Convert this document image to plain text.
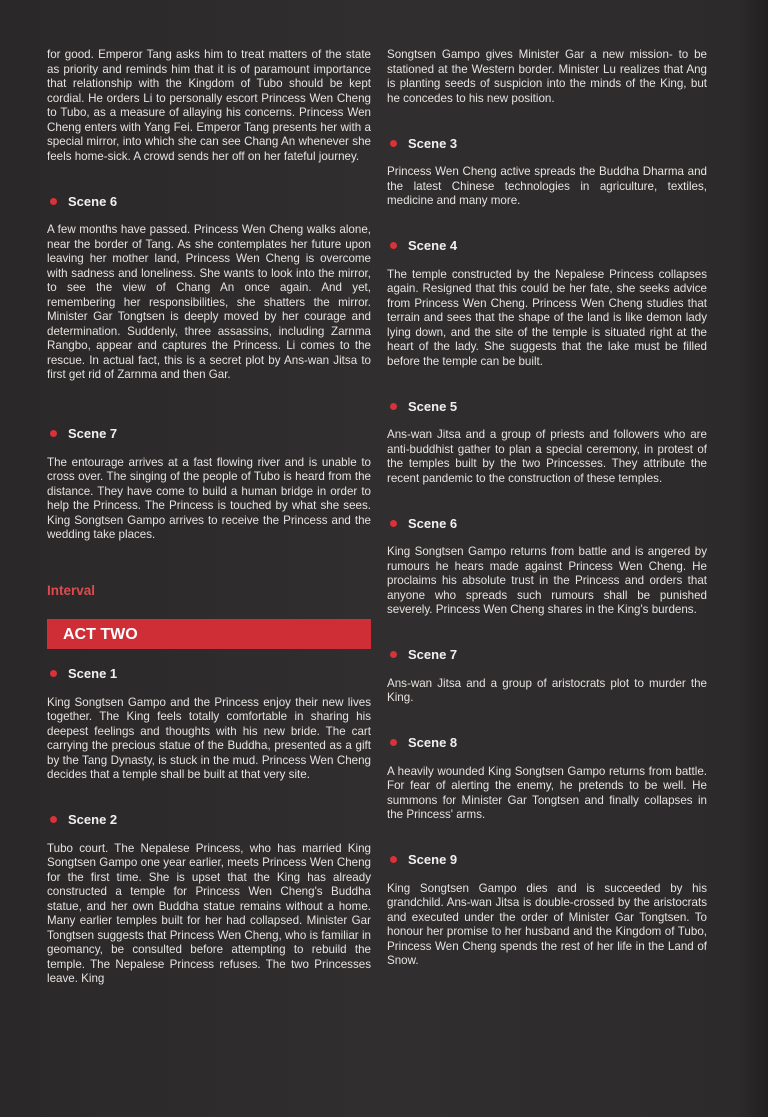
for good. Emperor Tang asks him to treat matters of the state as priority and reminds him that it is of paramount importance that relationship with the Kingdom of Tubo should be kept cordial. He orders Li to personally escort Princess Wen Cheng to Tubo, as a measure of allaying his concerns. Princess Wen Cheng enters with Yang Fei. Emperor Tang presents her with a special mirror, into which she can see Chang An whenever she feels home-sick. A crowd sends her off on her fateful journey.

Scene 6

A few months have passed. Princess Wen Cheng walks alone, near the border of Tang. As she contemplates her future upon leaving her mother land, Princess Wen Cheng is overcome with sadness and loneliness. She wants to look into the mirror, to see the view of Chang An once again. And yet, remembering her responsibilities, she shatters the mirror. Minister Gar Tongtsen is deeply moved by her courage and determination. Suddenly, three assassins, including Zarnma Rangbo, appear and captures the Princess. Li comes to the rescue. In actual fact, this is a secret plot by Ans-wan Jitsa to first get rid of Zarnma and then Gar.

Scene 7

The entourage arrives at a fast flowing river and is unable to cross over. The singing of the people of Tubo is heard from the distance. They have come to build a human bridge in order to help the Princess. The Princess is touched by what she sees. King Songtsen Gampo arrives to receive the Princess and the wedding take places.

Interval
ACT TWO
Scene 1

King Songtsen Gampo and the Princess enjoy their new lives together. The King feels totally comfortable in sharing his deepest feelings and thoughts with his new bride. The cart carrying the precious statue of the Buddha, presented as a gift by the Tang Dynasty, is stuck in the mud. Princess Wen Cheng decides that a temple shall be built at that very site.

Scene 2

Tubo court. The Nepalese Princess, who has married King Songtsen Gampo one year earlier, meets Princess Wen Cheng for the first time. She is upset that the King has already constructed a temple for Princess Wen Cheng's Buddha statue, and her own Buddha statue remains without a home. Many earlier temples built for her had collapsed. Minister Gar Tongtsen suggests that Princess Wen Cheng, who is familiar in geomancy, be consulted before attempting to rebuild the temple. The Nepalese Princess refuses. The two Princesses leave. King

Songtsen Gampo gives Minister Gar a new mission- to be stationed at the Western border. Minister Lu realizes that Ang is planting seeds of suspicion into the minds of the King, but he concedes to his new position.

Scene 3

Princess Wen Cheng active spreads the Buddha Dharma and the latest Chinese technologies in agriculture, textiles, medicine and many more.

Scene 4

The temple constructed by the Nepalese Princess collapses again. Resigned that this could be her fate, she seeks advice from Princess Wen Cheng. Princess Wen Cheng studies that terrain and sees that the shape of the land is like demon lady lying down, and the site of the temple is situated right at the heart of the lady. She suggests that the lake must be filled before the temple can be built.

Scene 5

Ans-wan Jitsa and a group of priests and followers who are anti-buddhist gather to plan a special ceremony, in protest of the temples built by the two Princesses. They attribute the recent pandemic to the construction of these temples.

Scene 6

King Songtsen Gampo returns from battle and is angered by rumours he hears made against Princess Wen Cheng. He proclaims his absolute trust in the Princess and orders that anyone who spreads such rumours shall be punished severely. Princess Wen Cheng shares in the King's burdens.

Scene 7

Ans-wan Jitsa and a group of aristocrats plot to murder the King.

Scene 8

A heavily wounded King Songtsen Gampo returns from battle. For fear of alerting the enemy, he pretends to be well. He summons for Minister Gar Tongtsen and finally collapses in the Princess' arms.

Scene 9

King Songtsen Gampo dies and is succeeded by his grandchild. Ans-wan Jitsa is double-crossed by the aristocrats and executed under the order of Minister Gar Tongtsen. To honour her promise to her husband and the Kingdom of Tubo, Princess Wen Cheng spends the rest of her life in the Land of Snow.
